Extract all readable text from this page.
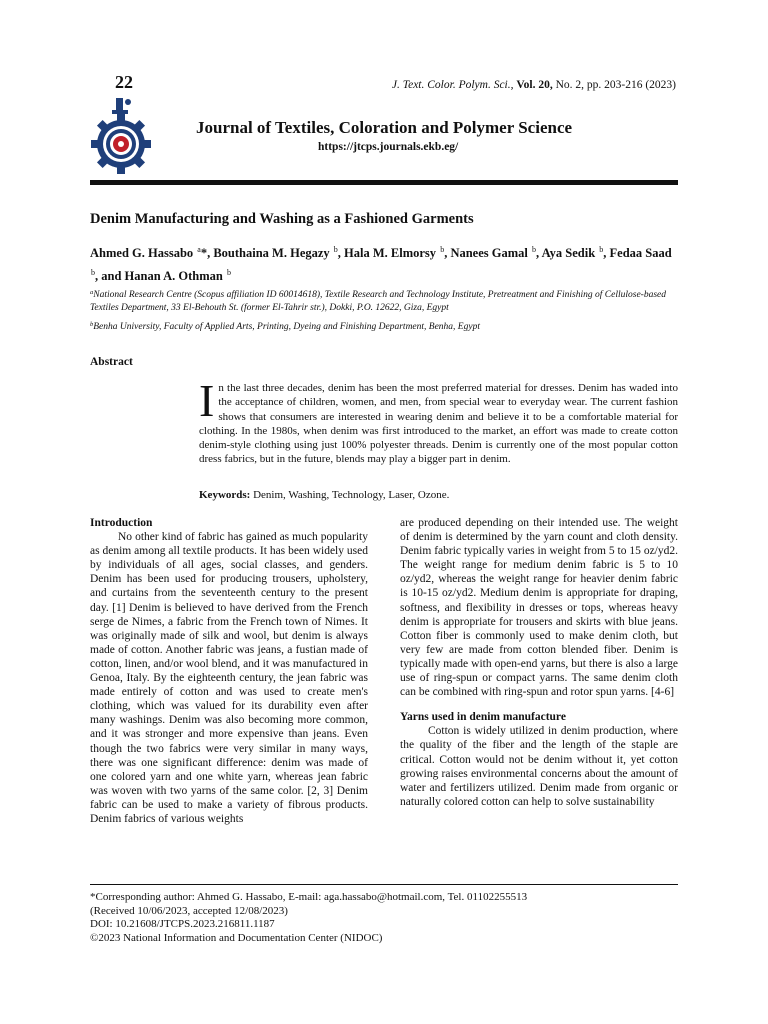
22	J. Text. Color. Polym. Sci., Vol. 20, No. 2, pp. 203-216 (2023)
Journal of Textiles, Coloration and Polymer Science
https://jtcps.journals.ekb.eg/
Denim Manufacturing and Washing as a Fashioned Garments
Ahmed G. Hassabo $^a$*, Bouthaina M. Hegazy $^b$, Hala M. Elmorsy $^b$, Nanees Gamal $^b$, Aya Sedik $^b$, Fedaa Saad $^b$, and Hanan A. Othman $^b$
$^a$National Research Centre (Scopus affiliation ID 60014618), Textile Research and Technology Institute, Pretreatment and Finishing of Cellulose-based Textiles Department, 33 El-Behouth St. (former El-Tahrir str.), Dokki, P.O. 12622, Giza, Egypt
$^b$Benha University, Faculty of Applied Arts, Printing, Dyeing and Finishing Department, Benha, Egypt
Abstract
In the last three decades, denim has been the most preferred material for dresses. Denim has waded into the acceptance of children, women, and men, from special wear to everyday wear. The current fashion shows that consumers are interested in wearing denim and believe it to be a comfortable material for clothing. In the 1980s, when denim was first introduced to the market, an effort was made to create cotton denim-style clothing using just 100% polyester threads. Denim is currently one of the most popular cotton dress fabrics, but in the future, blends may play a bigger part in denim.
Keywords: Denim, Washing, Technology, Laser, Ozone.
Introduction

No other kind of fabric has gained as much popularity as denim among all textile products. It has been widely used by individuals of all ages, social classes, and genders. Denim has been used for producing trousers, upholstery, and curtains from the seventeenth century to the present day. [1] Denim is believed to have derived from the French serge de Nimes, a fabric from the French town of Nimes. It was originally made of silk and wool, but denim is always made of cotton. Another fabric was jeans, a fustian made of cotton, linen, and/or wool blend, and it was manufactured in Genoa, Italy. By the eighteenth century, the jean fabric was made entirely of cotton and was used to create men's clothing, which was valued for its durability even after many washings. Denim was also becoming more common, and it was stronger and more expensive than jeans. Even though the two fabrics were very similar in many ways, there was one significant difference: denim was made of one colored yarn and one white yarn, whereas jean fabric was woven with two yarns of the same color. [2, 3] Denim fabric can be used to make a variety of fibrous products. Denim fabrics of various weights

are produced depending on their intended use. The weight of denim is determined by the yarn count and cloth density. Denim fabric typically varies in weight from 5 to 15 oz/yd2. The weight range for medium denim fabric is 5 to 10 oz/yd2, whereas the weight range for heavier denim fabric is 10-15 oz/yd2. Medium denim is appropriate for draping, softness, and flexibility in dresses or tops, whereas heavy denim is appropriate for trousers and skirts with blue jeans. Cotton fiber is commonly used to make denim cloth, but very few are made from cotton blended fiber. Denim is typically made with open-end yarns, but there is also a large use of ring-spun or compact yarns. The same denim cloth can be combined with ring-spun and rotor spun yarns. [4-6]

Yarns used in denim manufacture

Cotton is widely utilized in denim production, where the quality of the fiber and the length of the staple are critical. Cotton would not be denim without it, yet cotton growing raises environmental concerns about the amount of water and fertilizers utilized. Denim made from organic or naturally colored cotton can help to solve sustainability

*Corresponding author: Ahmed G. Hassabo, E-mail: aga.hassabo@hotmail.com, Tel. 01102255513
(Received 10/06/2023, accepted 12/08/2023)
DOI: 10.21608/JTCPS.2023.216811.1187
©2023 National Information and Documentation Center (NIDOC)
